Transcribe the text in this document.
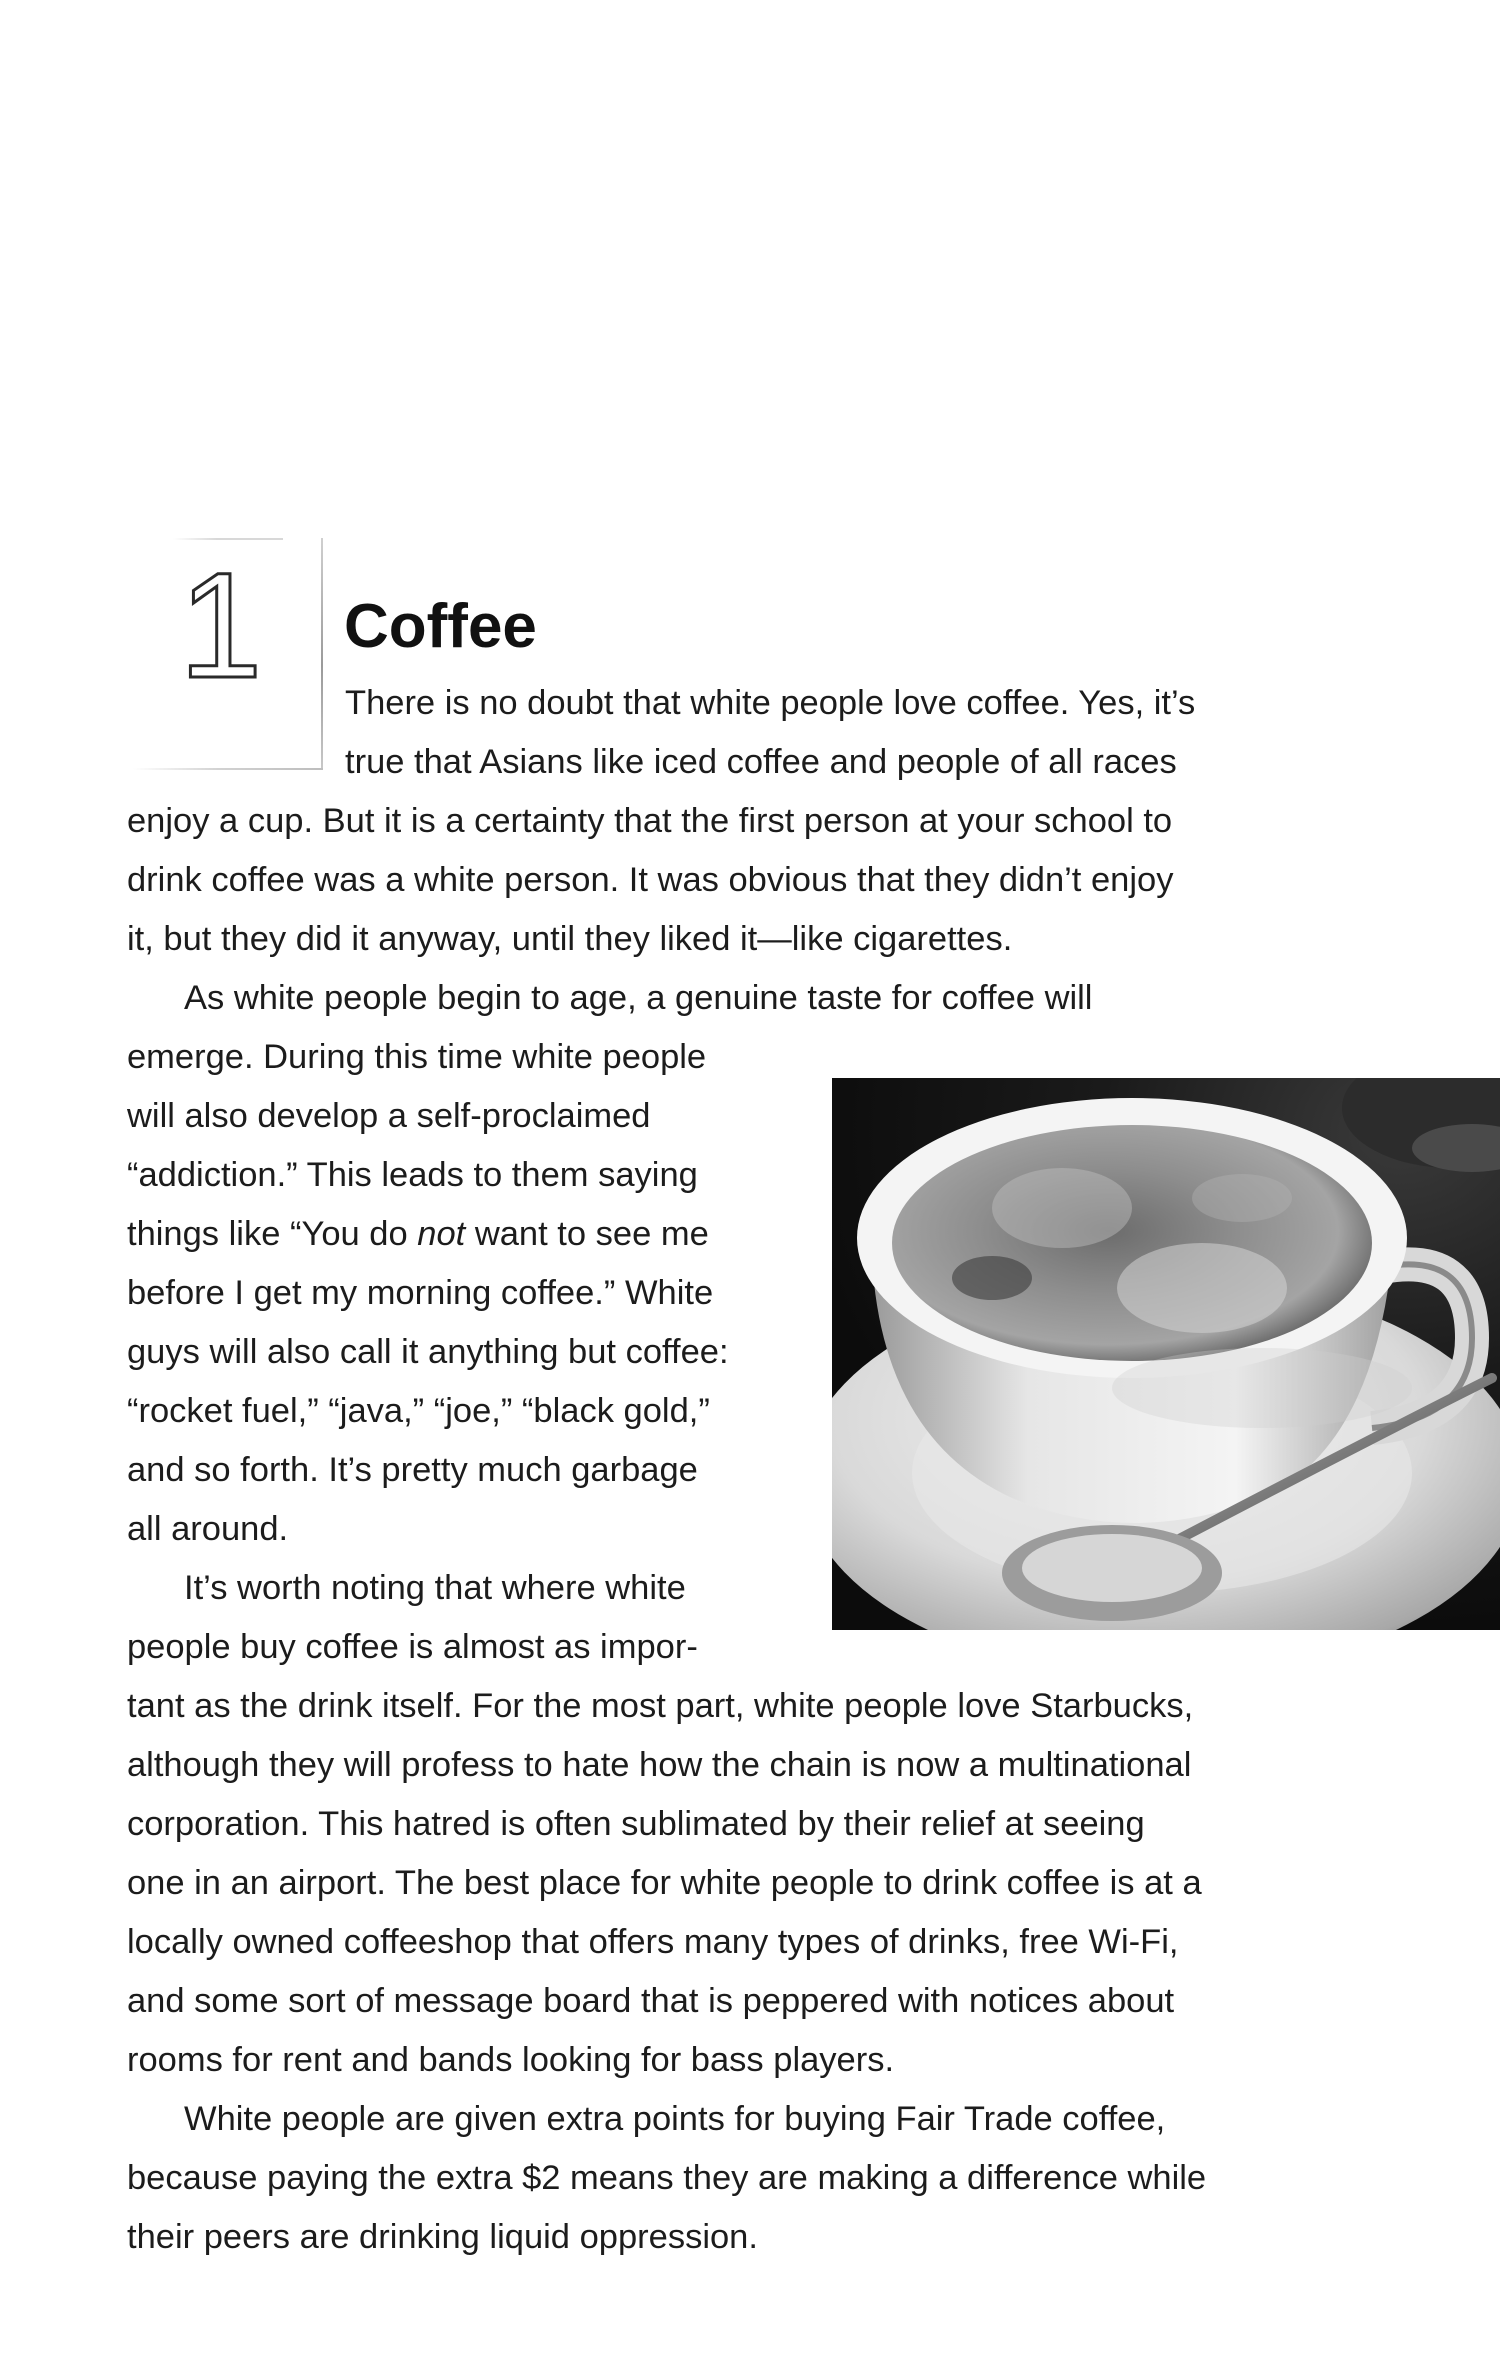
1 Coffee

There is no doubt that white people love coffee. Yes, it’s

true that Asians like iced coffee and people of all races

enjoy a cup. But it is a certainty that the first person at your school to

drink coffee was a white person. It was obvious that they didn’t enjoy

it, but they did it anyway, until they liked it—like cigarettes.

As white people begin to age, a genuine taste for coffee will

emerge. During this time white people

will also develop a self-proclaimed

“addiction.” This leads to them saying

things like “You do not want to see me

before I get my morning coffee.” White

guys will also call it anything but coffee:

“rocket fuel,” “java,” “joe,” “black gold,”

and so forth. It’s pretty much garbage

all around.

It’s worth noting that where white

people buy coffee is almost as impor-

tant as the drink itself. For the most part, white people love Starbucks,

although they will profess to hate how the chain is now a multinational

corporation. This hatred is often sublimated by their relief at seeing

one in an airport. The best place for white people to drink coffee is at a

locally owned coffeeshop that offers many types of drinks, free Wi-Fi,

and some sort of message board that is peppered with notices about

rooms for rent and bands looking for bass players.

White people are given extra points for buying Fair Trade coffee,

because paying the extra $2 means they are making a difference while

their peers are drinking liquid oppression.
